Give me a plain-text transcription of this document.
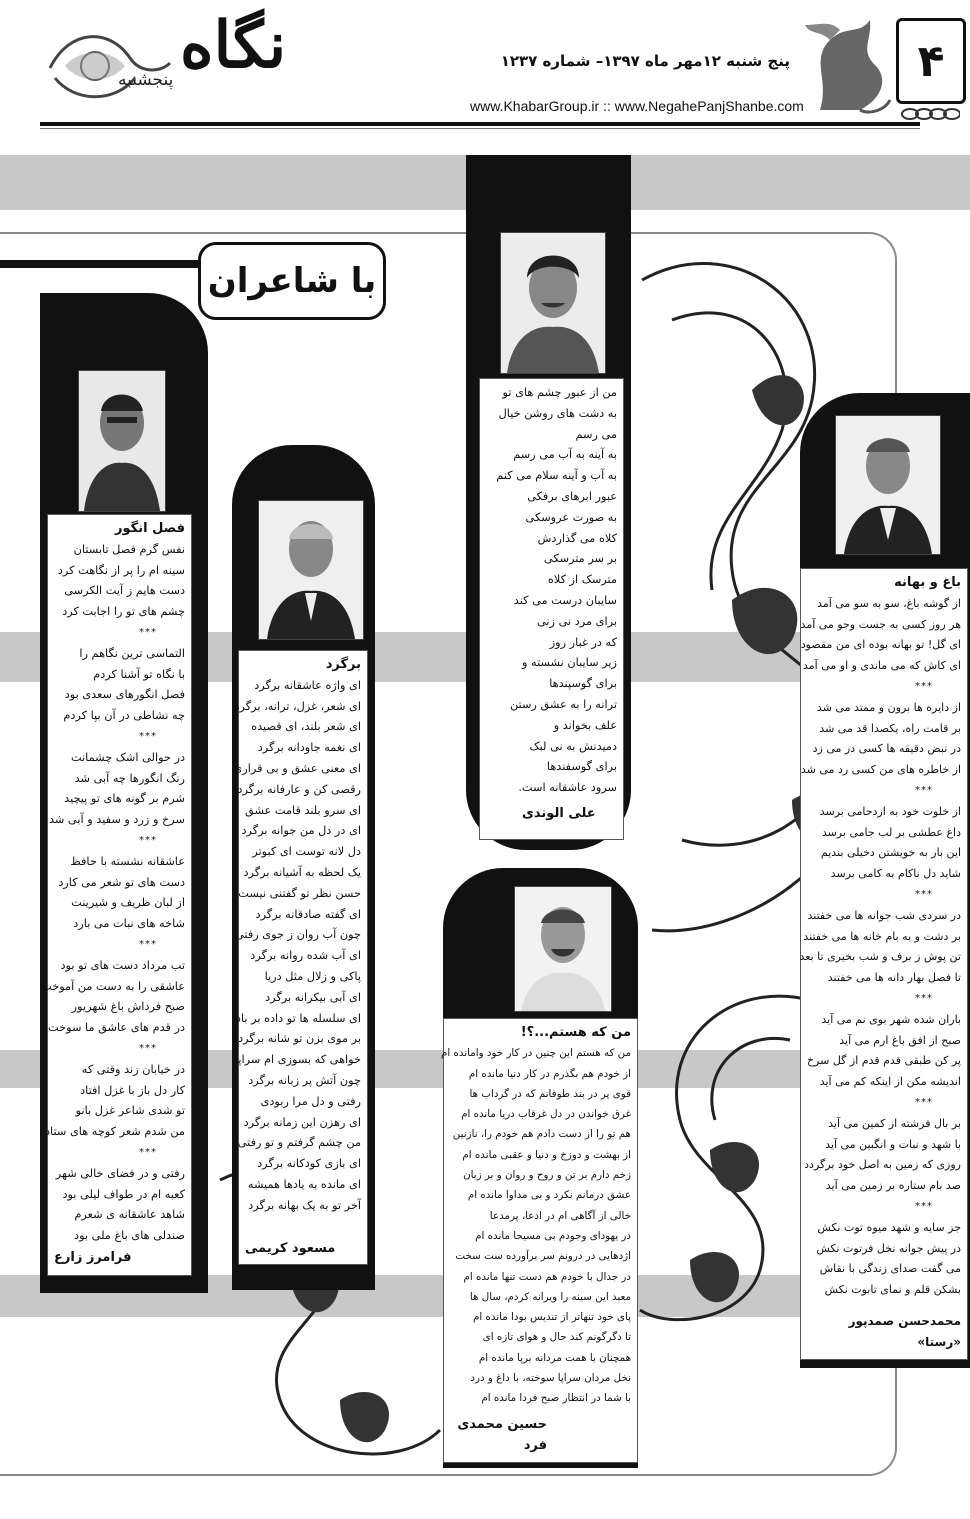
نگاه
پنجشنبه
پنج شنبه ۱۲مهر ماه ۱۳۹۷– شماره ۱۲۳۷
www.KhabarGroup.ir :: www.NegahePanjShanbe.com
۴
با شاعران
فصل انگور
نفس گرم فصل تابستان
سینه ام را پر از نگاهت کرد
دست هایم ز آیت الکرسی
چشم های تو را اجابت کرد
***
التماسی ترین نگاهم را
با نگاه تو آشنا کردم
فصل انگورهای سعدی بود
چه نشاطی در آن بپا کردم
***
در حوالی اشک چشمانت
رنگ انگورها چه آبی شد
شرم بر گونه های تو پیچید
سرخ و زرد و سفید و آبی شد
***
عاشقانه نشسته با حافظ
دست های تو شعر می کارد
از لبان ظریف و شیرینت
شاخه های نبات می بارد
***
تب مرداد دست های تو بود
عاشقی را به دست من آموخت
صبح فرداش باغ شهریور
در قدم های عاشق ما سوخت
***
در خیابان زند وقتی که
کار دل باز با غزل افتاد
تو شدی شاعر غزل بانو
من شدم شعر کوچه های ستاد
***
رفتی و در فضای خالی شهر
کعبه ام در طواف لیلی بود
شاهد عاشقانه ی شعرم
صندلی های باغ ملی بود
فرامرز زارع
برگرد
ای واژه عاشقانه برگرد
ای شعر، غزل، ترانه، برگرد
ای شعر بلند، ای قصیده
ای نغمه جاودانه برگرد
ای معنی عشق و بی قراری
رقصی کن و عارفانه برگرد
ای سرو بلند قامت عشق
ای در دل من جوانه برگرد
دل لانه توست ای کبوتر
یک لحظه به آشیانه برگرد
حسن نظر تو گفتنی نیست
ای گفته صادقانه برگرد
چون آب روان ز جوی رفتی
ای آب شده روانه برگرد
پاکی و زلال مثل دریا
ای آبی بیکرانه برگرد
ای سلسله ها تو داده بر باد
بر موی بزن تو شانه برگرد
خواهی که بسوزی ام سراپا
چون آتش پر زبانه برگرد
رفتی و دل مرا ربودی
ای رهزن این زمانه برگرد
من چشم گرفتم و تو رفتی
ای بازی کودکانه برگرد
ای مانده به یادها همیشه
آخر تو به یک بهانه برگرد
مسعود کریمی
من از عبور چشم های تو
به دشت های روشن خیال
می رسم
به آینه به آب می رسم
به آب و آینه سلام می کنم
عبور ابرهای برفکی
به صورت عروسکی
کلاه می گذاردش
بر سر مترسکی
مترسک از کلاه
سایبان درست می کند
برای مرد نی زنی
که در غبار روز
زیر سایبان نشسته و
برای گوسپندها
ترانه را به عشق رستن
علف بخواند و
دمیدنش به نی لبک
برای گوسفندها
سرود عاشقانه است.
علی الوندی
من که هستم...؟!
من که هستم این چنین در کار خود وامانده ام
از خودم هم بگذرم در کار دنیا مانده ام
قوی پر در بند طوفانم که در گرداب ها
غرق خواندن در دل غرقاب دریا مانده ام
هم تو را از دست دادم هم خودم را، نازنین
از بهشت و دوزخ و دنیا و عقبی مانده ام
زخم دارم بر تن و روح و روان و بر زبان
عشق درمانم نکرد و بی مداوا مانده ام
خالی از آگاهی ام در ادعا، پرمدعا
در یهودای وجودم بی مسیحا مانده ام
اژدهایی در درونم سر برآورده ست سخت
در جدال با خودم هم دست تنها مانده ام
معبد این سینه را ویرانه کردم، سال ها
پای خود تنهاتر از تندیس بودا مانده ام
تا دگرگونم کند حال و هوای تازه ای
همچنان با همت مردانه برپا مانده ام
نخل مردان سراپا سوخته، با داغ و درد
با شما در انتظار صبح فردا مانده ام
حسین محمدی فرد
باغ و بهانه
از گوشه باغ، سو به سو می آمد
هر روز کسی به جست وجو می آمد
ای گل! تو بهانه بوده ای من مقصود
ای کاش که می ماندی و او می آمد
***
از دایره ها برون و ممتد می شد
بر قامت راه، یکصدا قد می شد
در نبض دقیقه ها کسی در می زد
از خاطره های من کسی رد می شد
***
از خلوت خود به ازدحامی برسد
داغ عطشی بر لب جامی برسد
این بار به خویشتن دخیلی بندیم
شاید دل ناکام به کامی برسد
***
در سردی شب جوانه ها می خفتند
بر دشت و به بام خانه ها می خفتند
تن پوش ز برف و شب بخیری تا بعد
تا فصل بهار دانه ها می خفتند
***
باران شده شهر بوی نم می آید
صبح از افق باغ ارم می آید
پر کن طبقی قدم قدم از گل سرخ
اندیشه مکن از اینکه کم می آید
***
بر بال فرشته از کمین می آید
با شهد و نبات و انگبین می آید
روزی که زمین به اصل خود برگردد
صد بام ستاره بر زمین می آید
***
جز سایه و شهد میوه توت نکش
در پیش جوانه نخل فرتوت نکش
می گفت صدای زندگی با نقاش
بشکن قلم و نمای تابوت نکش
محمدحسن صمدپور «رستا»
